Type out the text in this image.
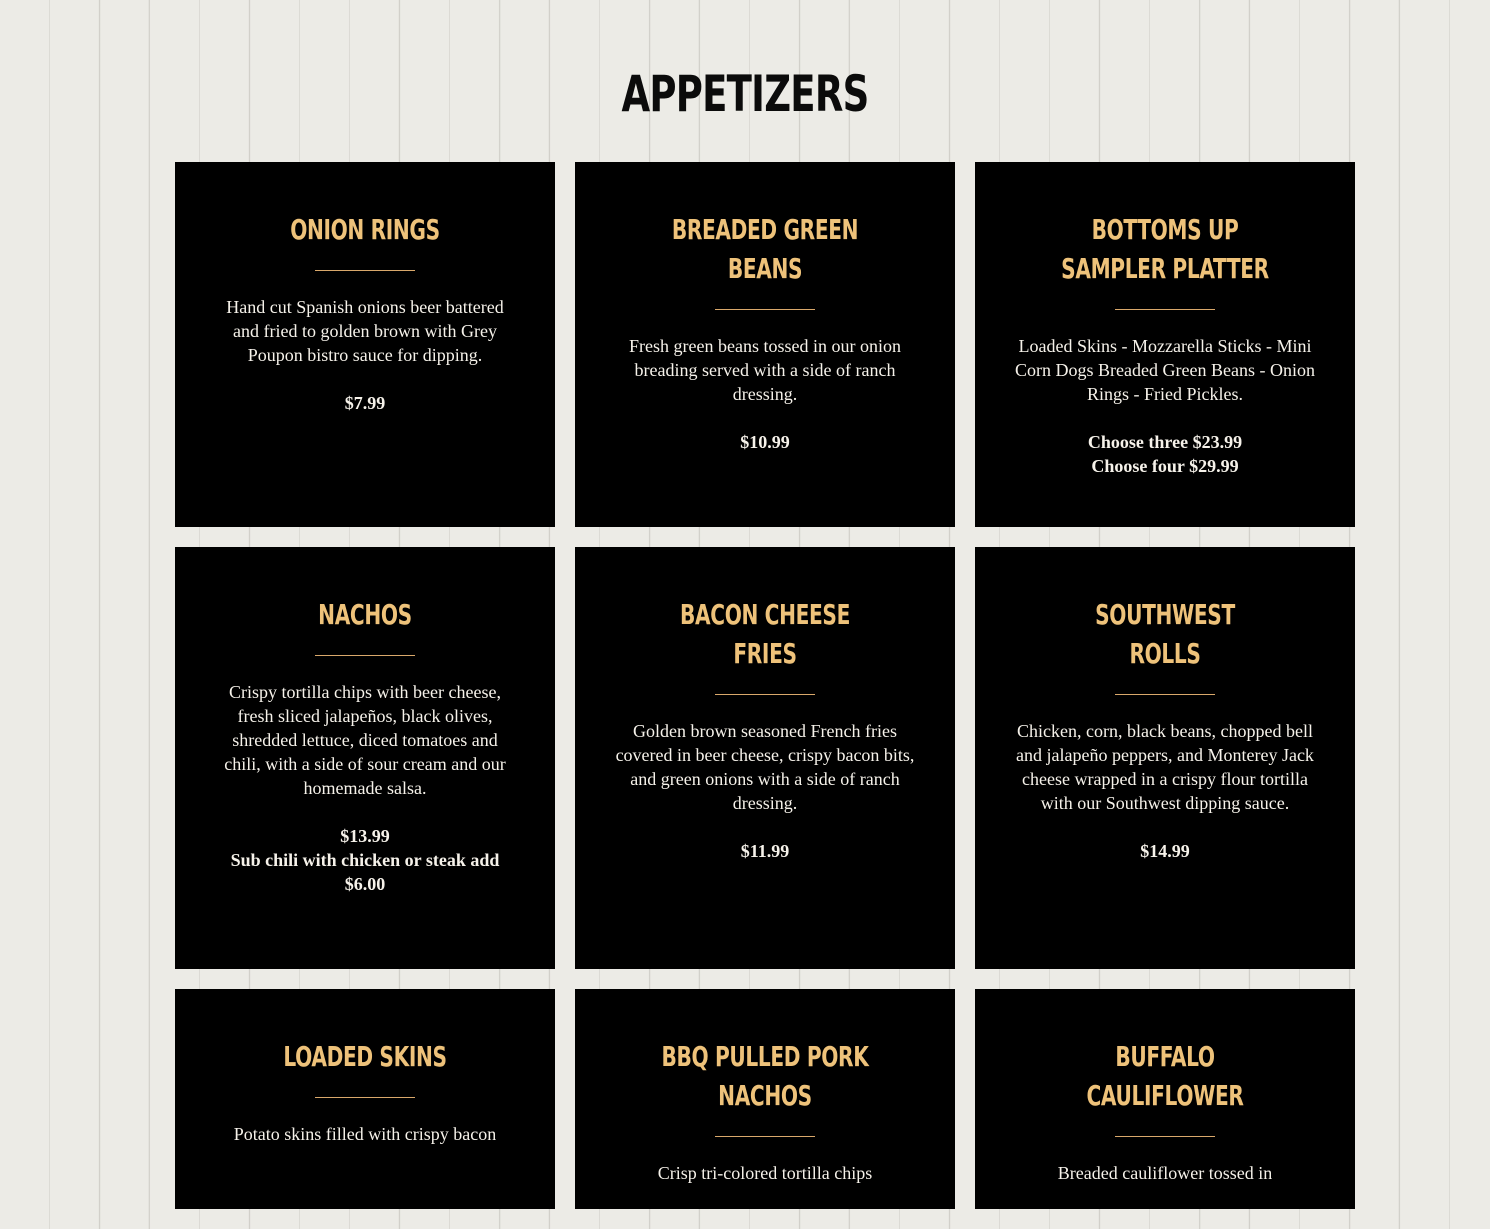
APPETIZERS
ONION RINGS

Hand cut Spanish onions beer battered and fried to golden brown with Grey Poupon bistro sauce for dipping.

$7.99

BREADED GREEN BEANS

Fresh green beans tossed in our onion breading served with a side of ranch dressing.

$10.99

BOTTOMS UP SAMPLER PLATTER

Loaded Skins - Mozzarella Sticks - Mini Corn Dogs Breaded Green Beans - Onion Rings - Fried Pickles.

Choose three $23.99
Choose four $29.99

NACHOS

Crispy tortilla chips with beer cheese, fresh sliced jalapeños, black olives, shredded lettuce, diced tomatoes and chili, with a side of sour cream and our homemade salsa.

$13.99
Sub chili with chicken or steak add $6.00

BACON CHEESE FRIES

Golden brown seasoned French fries covered in beer cheese, crispy bacon bits, and green onions with a side of ranch dressing.

$11.99

SOUTHWEST ROLLS

Chicken, corn, black beans, chopped bell and jalapeño peppers, and Monterey Jack cheese wrapped in a crispy flour tortilla with our Southwest dipping sauce.

$14.99

LOADED SKINS

Potato skins filled with crispy bacon

BBQ PULLED PORK NACHOS

Crisp tri-colored tortilla chips

BUFFALO CAULIFLOWER

Breaded cauliflower tossed in
